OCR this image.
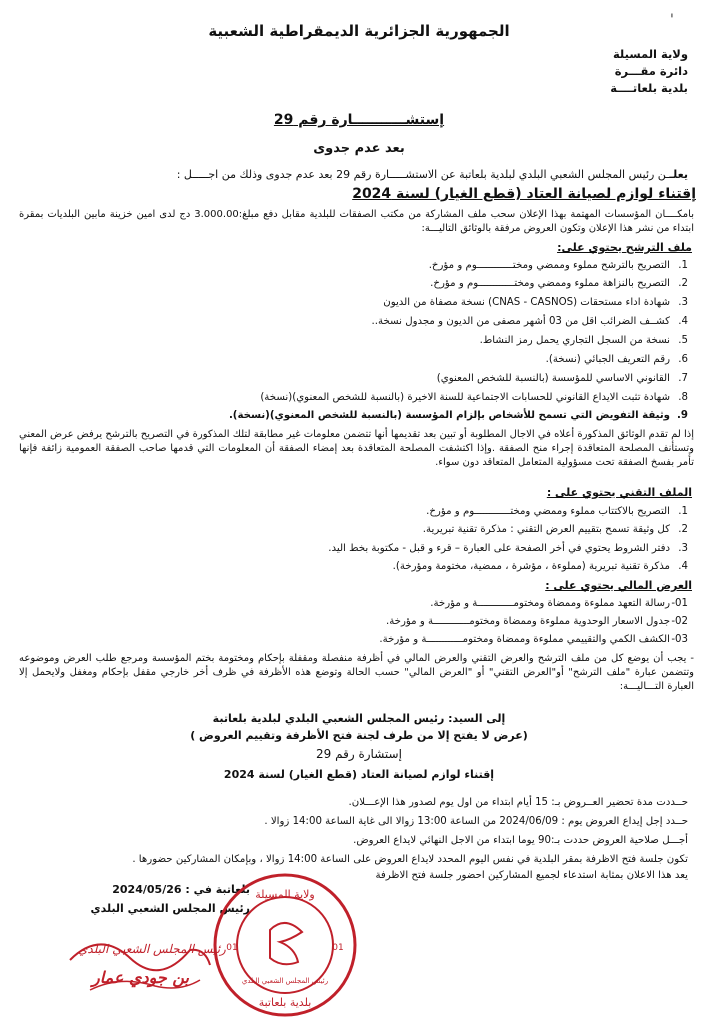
'
الجمهورية الجزائرية الديمقراطية الشعبية
ولاية المسيلة
دائرة مقـــرة
بلدية بلعاتــــة
إستشـــــــــــارة رقم 29
بعد عدم جدوى
يعلــن رئيس المجلس الشعبي البلدي لبلدية بلعاتبة عن الاستشـــــارة رقم 29 بعد عدم جدوى وذلك من اجـــــل :
إقتناء لوازم لصيانة العتاد (قطع الغيار) لسنة 2024
بامكــــان المؤسسات المهتمة بهذا الإعلان سحب ملف المشاركة من مكتب الصفقات للبلدية مقابل دفع مبلغ:3.000.00 دج لدى امين خزينة مابين البلديات بمقرة ابتداء من نشر هذا الإعلان وتكون العروض مرفقة بالوثائق التاليـــة:
ملف الترشح يحتوي على:
1.التصريح بالترشح مملوء وممضي ومختــــــــــــوم و مؤرخ.
2.التصريح بالنزاهة مملوء وممضي ومختــــــــــــوم و مؤرخ.
3.شهادة اداء مستحقات (CNAS - CASNOS) نسخة مصفاة من الديون
4.كشــف الضرائب اقل من 03 أشهر مصفى من الديون و مجدول نسخة..
5.نسخة من السجل التجاري يحمل رمز النشاط.
6.رقم التعريف الجبائي (نسخة).
7.القانوني الاساسي للمؤسسة (بالنسبة للشخص المعنوي)
8.شهادة تثبت الايداع القانوني للحسابات الاجتماعية للسنة الاخيرة (بالنسبة للشخص المعنوي)(نسخة)
9.وثيقة التفويض التي تسمح للأشخاص بإلزام المؤسسة (بالنسبة للشخص المعنوي)(نسخة).
إذا لم تقدم الوثائق المذكورة أعلاه في الاجال المطلوبة أو تبين بعد تقديمها أنها تتضمن معلومات غير مطابقة لتلك المذكورة في التصريح بالترشح يرفض عرض المعني وتستأنف المصلحة المتعاقدة إجراء منح الصفقة .وإذا اكتشفت المصلحة المتعاقدة بعد إمضاء الصفقة أن المعلومات التي قدمها صاحب الصفقة العمومية زائفة فإنها تأمر بفسخ الصفقة تحت مسؤولية المتعامل المتعاقد دون سواء.
الملف التقني يحتوي على :
1.التصريح بالاكتتاب مملوء وممضي ومختــــــــــــوم و مؤرخ.
2.كل وثيقة تسمح بتقييم العرض التقني : مذكرة تقنية تبريرية.
3.دفتر الشروط يحتوي في أخر الصفحة على العبارة – قرء و قبل - مكتوبة بخط اليد.
4.مذكرة تقنية تبريرية (مملوءة ، مؤشرة ، ممضية، مختومة ومؤرخة).
العرض المالي يحتوي على :
01-رسالة التعهد مملوءة وممضاة ومختومــــــــــــة و مؤرخة.
02-جدول الاسعار الوحدوية مملوءة وممضاة ومختومــــــــــــة و مؤرخة.
03-الكشف الكمي والتقييمي مملوءة وممضاة ومختومــــــــــــة و مؤرخة.
- يجب أن يوضع كل من ملف الترشح والعرض التقني والعرض المالي في أظرفة منفصلة ومقفلة بإحكام ومختومة بختم المؤسسة ومرجع طلب العرض وموضوعه وتتضمن عبارة "ملف الترشح" أو"العرض التقني" أو "العرض المالي" حسب الحالة وتوضع هذه الأظرفة في ظرف أخر خارجي مقفل بإحكام ومغفل ولايحمل إلا العبارة التـــاليـــة:
إلى السيد: رئيس المجلس الشعبي البلدي لبلدية بلعاتبة
(عرض لا يفتح إلا من طرف لجنة فتح الأظرفة وتقييم العروض )
إستشارة رقم 29
إقتناء لوازم لصيانة العتاد (قطع الغيار) لسنة 2024
حــددت مدة تحضير العــروض بـ: 15 أيام ابتداء من اول يوم لصدور هذا الإعـــلان.
حــدد إجل إيداع العروض يوم : 2024/06/09 من الساعة 13:00 زوالا الى غاية الساعة 14:00 زوالا .
أجـــل صلاحية العروض حددت بـ:90 يوما ابتداء من الاجل النهائي لايداع العروض.
تكون جلسة فتح الاظرفة بمقر البلدية في نفس اليوم المحدد لايداع العروض على الساعة 14:00 زوالا ، وبإمكان المشاركين حضورها .
يعد هذا الاعلان بمثابة استدعاء لجميع المشاركين احضور جلسة فتح الاظرفة
بلعاتبة في : 2024/05/26
رئيس المجلس الشعبي البلدي
ولاية المسيلة
بلدية بلعاتبة
رئيس المجلس الشعبي البلدي
01
01
رئيس المجلس الشعبي البلدي
بن جودي عمار
